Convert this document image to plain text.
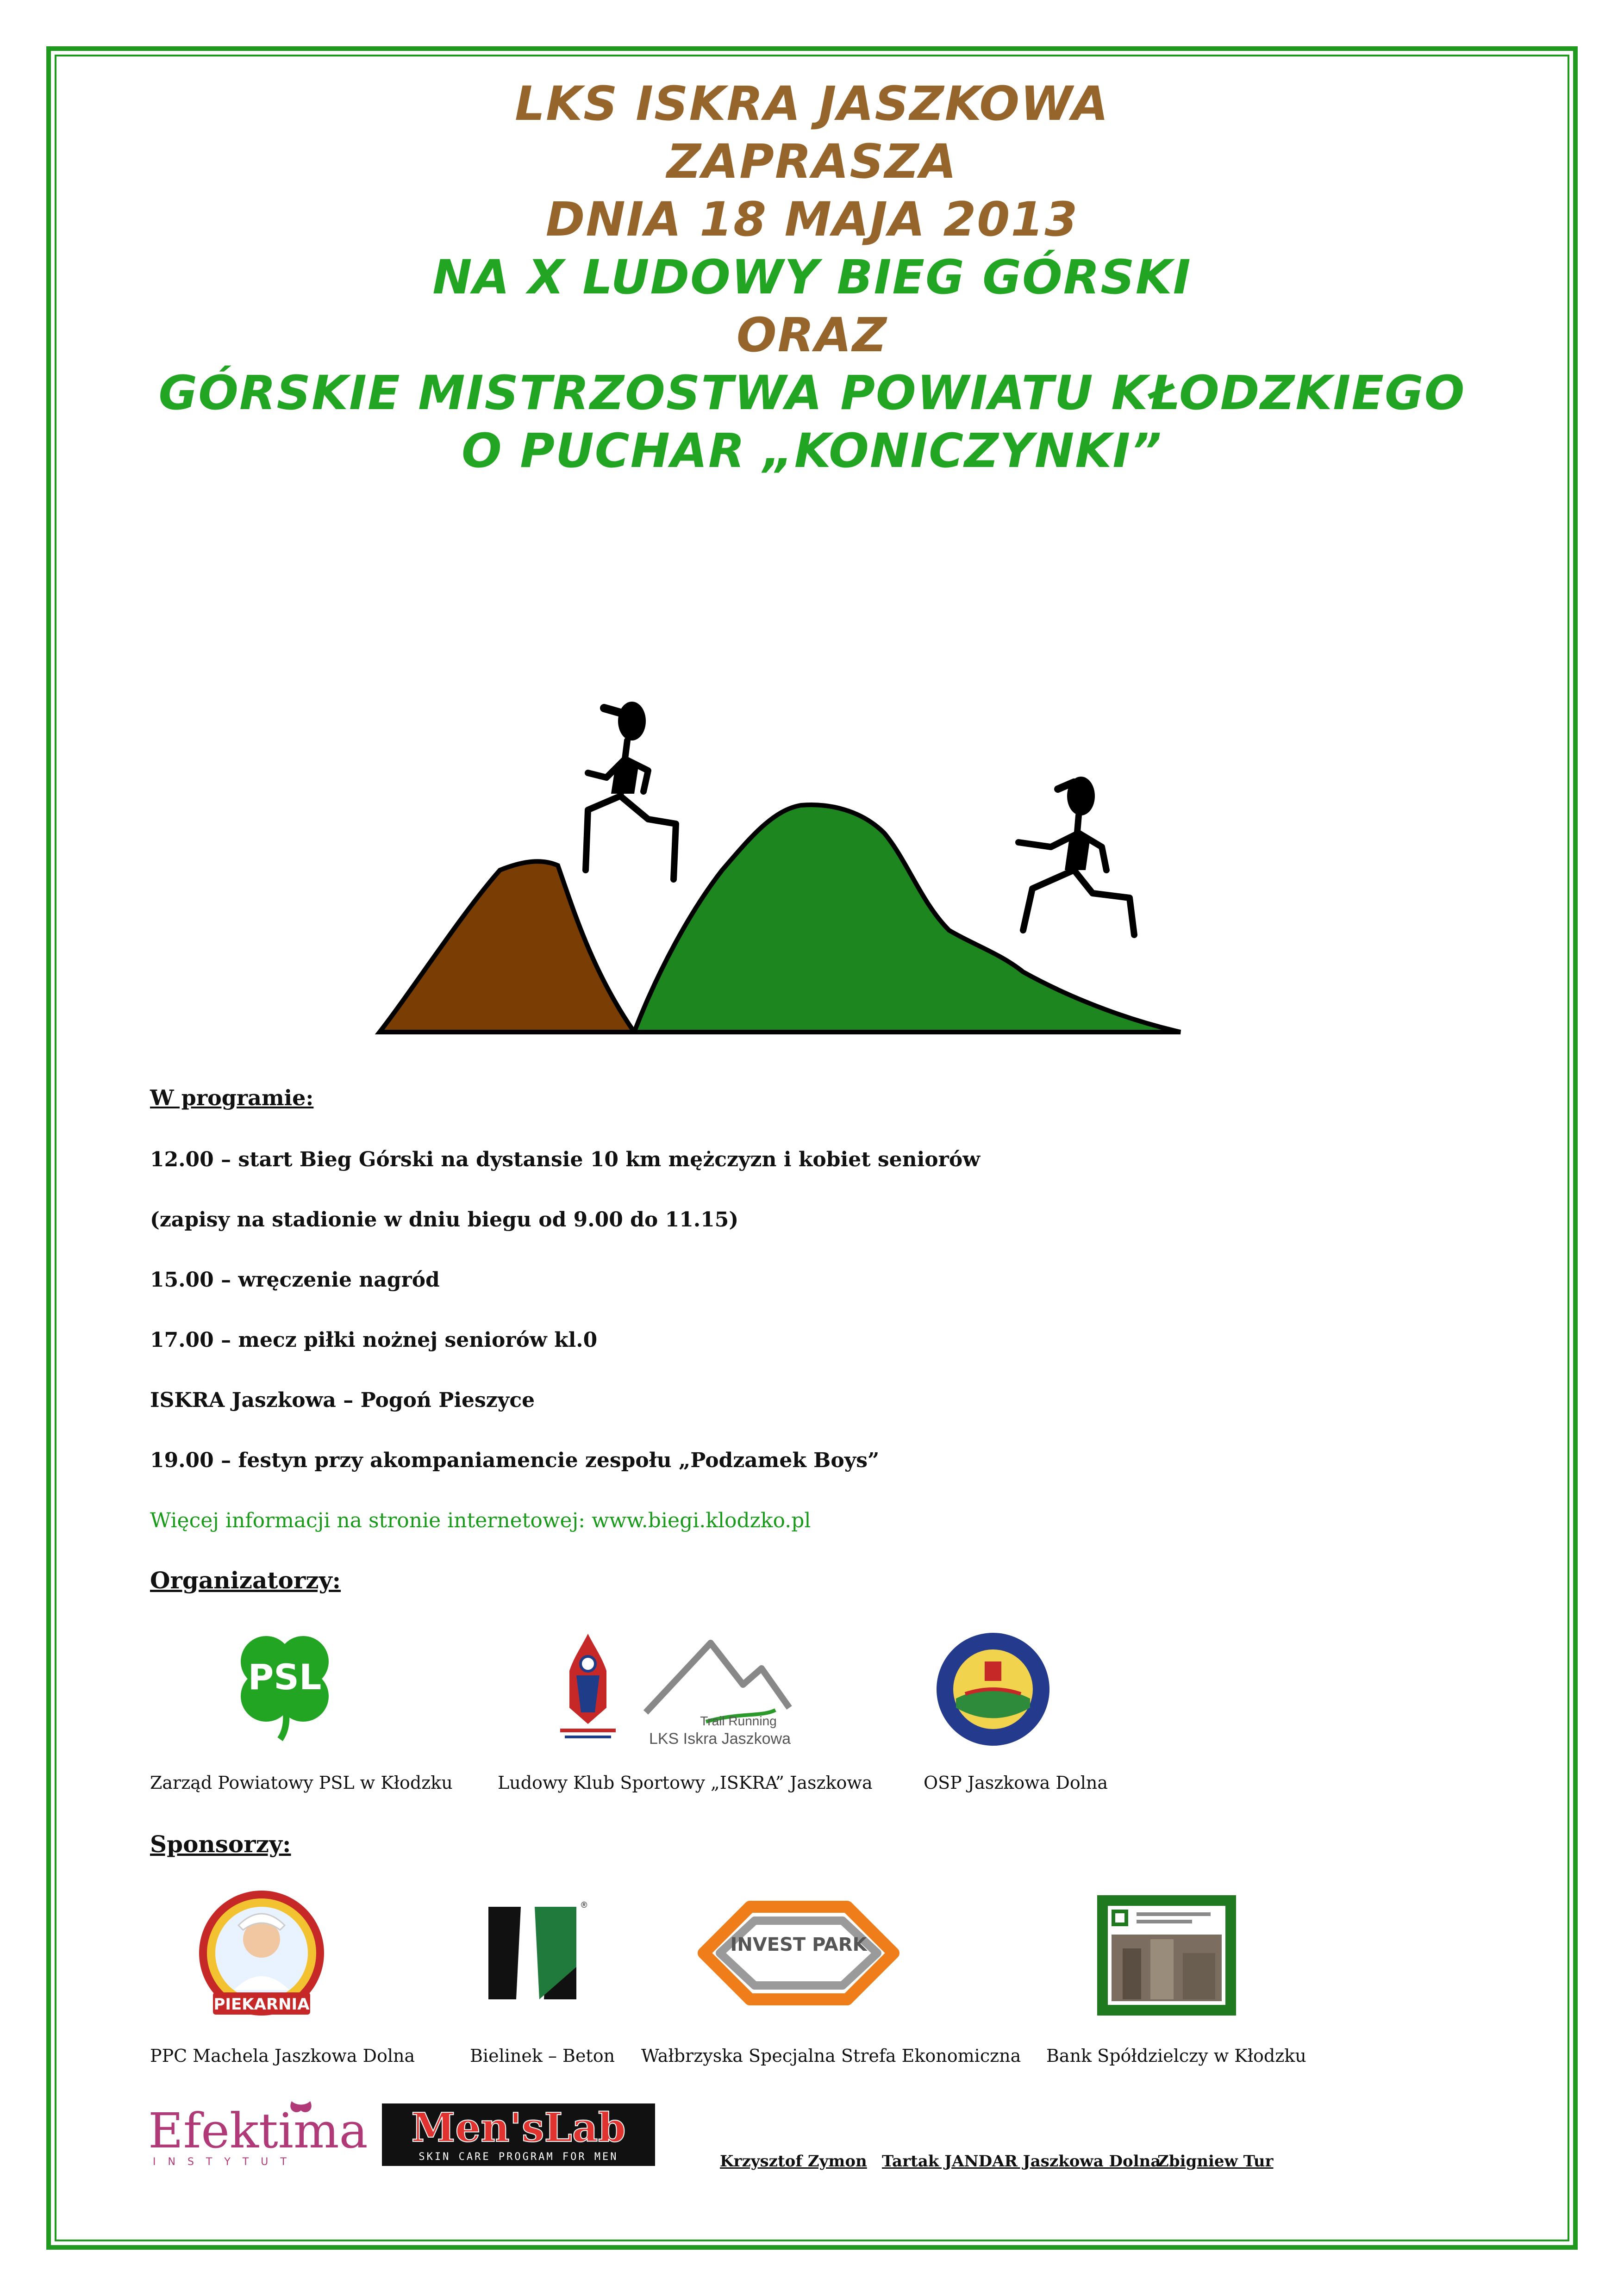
LKS ISKRA JASZKOWA
ZAPRASZA
DNIA 18 MAJA 2013
NA X LUDOWY BIEG GÓRSKI
ORAZ
GÓRSKIE MISTRZOSTWA POWIATU KŁODZKIEGO
O PUCHAR „KONICZYNKI”
W programie:
12.00 – start Bieg Górski na dystansie 10 km mężczyzn i kobiet seniorów
(zapisy na stadionie w dniu biegu od 9.00 do 11.15)
15.00 – wręczenie nagród
17.00 – mecz piłki nożnej seniorów kl.0
ISKRA Jaszkowa – Pogoń Pieszyce
19.00 – festyn przy akompaniamencie zespołu „Podzamek Boys”
Więcej informacji na stronie internetowej: www.biegi.klodzko.pl
Organizatorzy:
PSL
Trail Running
LKS Iskra Jaszkowa
Zarząd Powiatowy PSL w Kłodzku	Ludowy Klub Sportowy „ISKRA” Jaszkowa	OSP Jaszkowa Dolna
Sponsorzy:
PIEKARNIA
®
INVEST PARK
PPC Machela Jaszkowa Dolna	Bielinek – Beton Wałbrzyska Specjalna Strefa Ekonomiczna Bank Spółdzielczy w Kłodzku
Efektima
INSTYTUT
Men'sLab
SKIN CARE PROGRAM FOR MEN	Krzysztof Zymon Tartak JANDAR Jaszkowa Dolna
Zbigniew Tur
